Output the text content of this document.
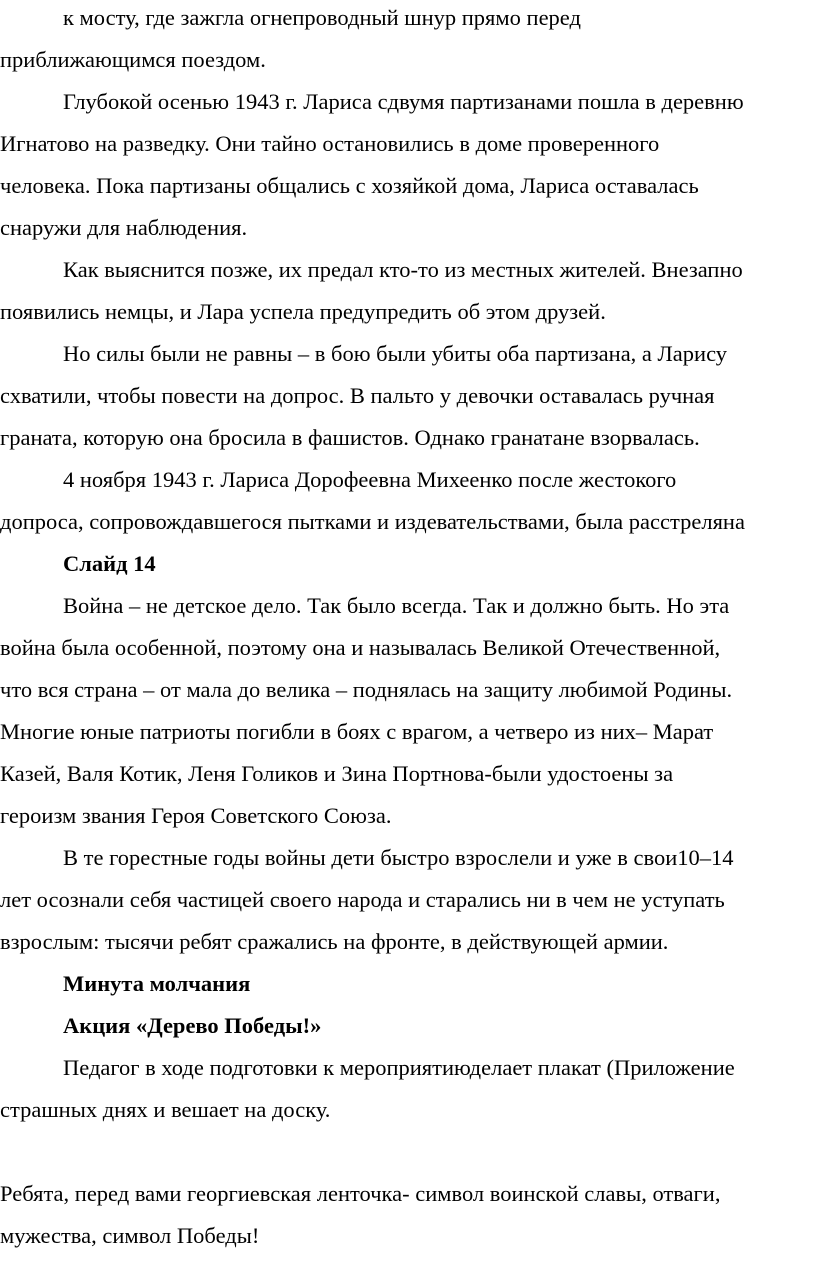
к мосту, где зажгла огнепроводный шнур прямо перед
приближающимся поездом.
Глубокой осенью 1943 г. Лариса сдвумя партизанами пошла в деревню
Игнатово на разведку. Они тайно остановились в доме проверенного
человека. Пока партизаны общались с хозяйкой дома, Лариса оставалась
снаружи для наблюдения.
Как выяснится позже, их предал кто-то из местных жителей. Внезапно
появились немцы, и Лара успела предупредить об этом друзей.
Но силы были не равны – в бою были убиты оба партизана, а Ларису
схватили, чтобы повести на допрос. В пальто у девочки оставалась ручная
граната, которую она бросила в фашистов. Однако гранатане взорвалась.
4 ноября 1943 г. Лариса Дорофеевна Михеенко после жестокого
допроса, сопровождавшегося пытками и издевательствами, была расстреляна
Слайд 14
Война – не детское дело. Так было всегда. Так и должно быть. Но эта
война была особенной, поэтому она и называлась Великой Отечественной,
что вся страна – от мала до велика – поднялась на защиту любимой Родины.
Многие юные патриоты погибли в боях с врагом, а четверо из них– Марат
Казей, Валя Котик, Леня Голиков и Зина Портнова-были удостоены за
героизм звания Героя Советского Союза.
В те горестные годы войны дети быстро взрослели и уже в свои10–14
лет осознали себя частицей своего народа и старались ни в чем не уступать
взрослым: тысячи ребят сражались на фронте, в действующей армии.
Минута молчания
Акция «Дерево Победы!»
Педагог в ходе подготовки к мероприятиюделает плакат (Приложение
страшных днях и вешает на доску.
Ребята, перед вами георгиевская ленточка- символ воинской славы, отваги,
мужества, символ Победы!
